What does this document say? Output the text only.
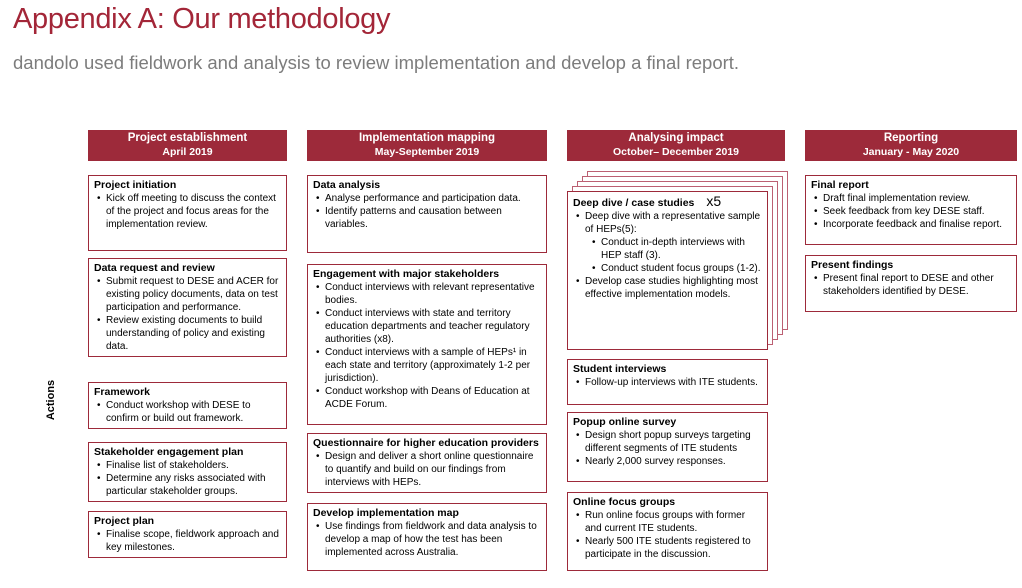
Appendix A: Our methodology
dandolo used fieldwork and analysis to review implementation and develop a final report.
Actions
Project establishment
April 2019
Implementation mapping
May-September 2019
Analysing impact
October– December 2019
Reporting
January - May 2020
Project initiation
• Kick off meeting to discuss the context of the project and focus areas for the implementation review.
Data request and review
• Submit request to DESE and ACER for existing policy documents, data on test participation and performance.
• Review existing documents to build understanding of policy and existing data.
Framework
• Conduct workshop with DESE to confirm or build out framework.
Stakeholder engagement plan
• Finalise list of stakeholders.
• Determine any risks associated with particular stakeholder groups.
Project plan
• Finalise scope, fieldwork approach and key milestones.
Data analysis
• Analyse performance and participation data.
• Identify patterns and causation between variables.
Engagement with major stakeholders
• Conduct interviews with relevant representative bodies.
• Conduct interviews with state and territory education departments and teacher regulatory authorities (x8).
• Conduct interviews with a sample of HEPs¹ in each state and territory (approximately 1-2 per jurisdiction).
• Conduct workshop with Deans of Education at ACDE Forum.
Questionnaire for higher education providers
• Design and deliver a short online questionnaire to quantify and build on our findings from interviews with HEPs.
Develop implementation map
• Use findings from fieldwork and data analysis to develop a map of how the test has been implemented across Australia.
Deep dive / case studies x5
• Deep dive with a representative sample of HEPs(5):
• Conduct in-depth interviews with HEP staff (3).
• Conduct student focus groups (1-2).
• Develop case studies highlighting most effective implementation models.
Student interviews
• Follow-up interviews with ITE students.
Popup online survey
• Design short popup surveys targeting different segments of ITE students
• Nearly 2,000 survey responses.
Online focus groups
• Run online focus groups with former and current ITE students.
• Nearly 500 ITE students registered to participate in the discussion.
Final report
• Draft final implementation review.
• Seek feedback from key DESE staff.
• Incorporate feedback and finalise report.
Present findings
• Present final report to DESE and other stakeholders identified by DESE.
